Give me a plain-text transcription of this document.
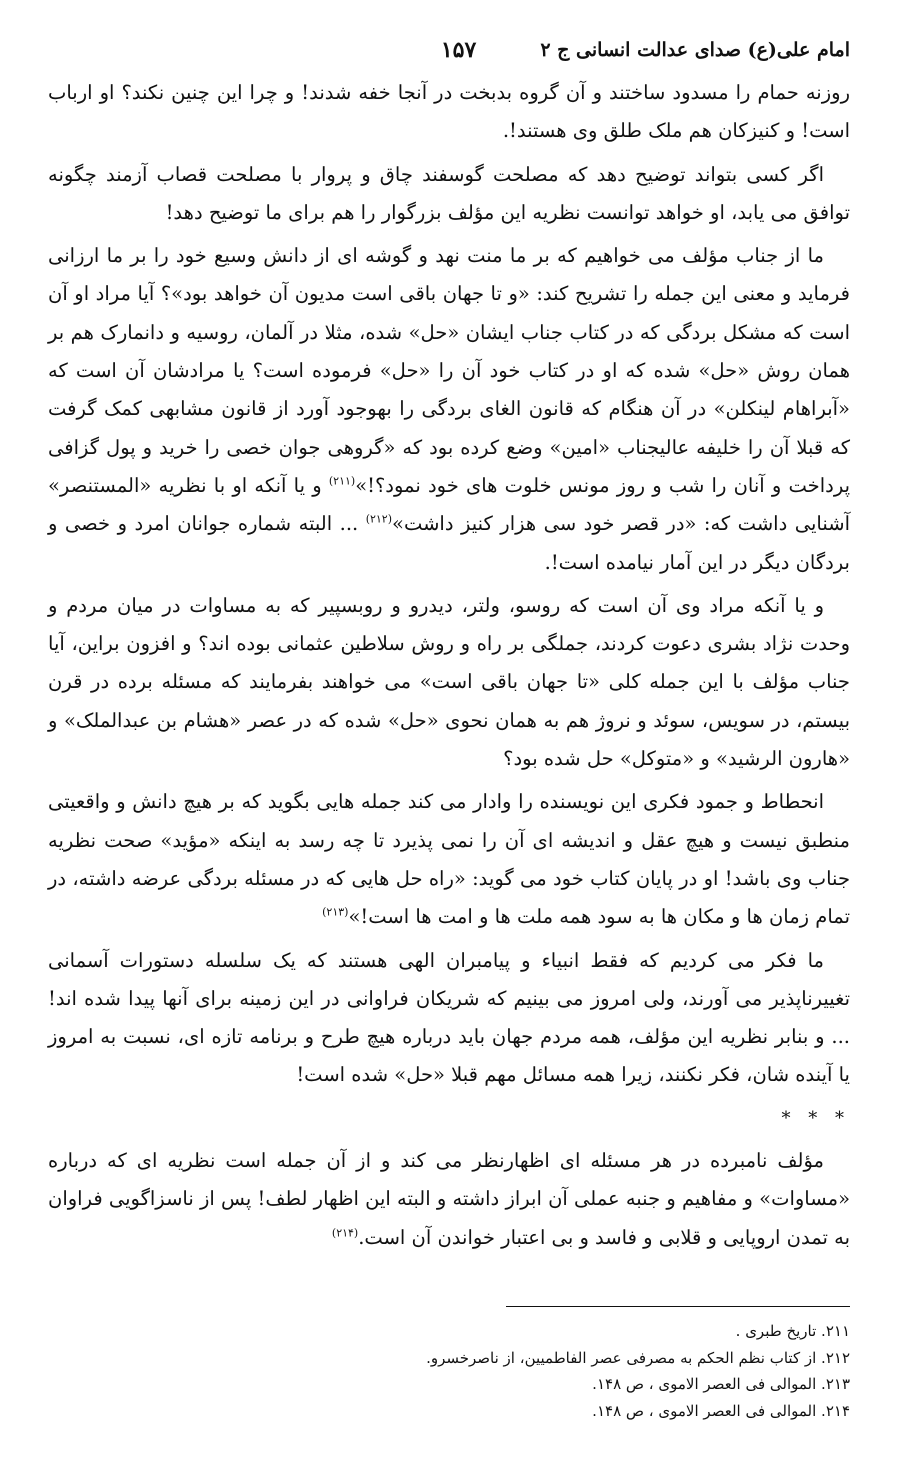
امام علی(ع) صدای عدالت انسانی ج ۲
۱۵۷

روزنه حمام را مسدود ساختند و آن گروه بدبخت در آنجا خفه شدند! و چرا این چنین نکند؟ او ارباب است! و کنیزکان هم ملک طلق وی هستند!.

اگر کسی بتواند توضیح دهد که مصلحت گوسفند چاق و پروار با مصلحت قصاب آزمند چگونه توافق می یابد، او خواهد توانست نظریه این مؤلف بزرگوار را هم برای ما توضیح دهد!

ما از جناب مؤلف می خواهیم که بر ما منت نهد و گوشه ای از دانش وسیع خود را بر ما ارزانی فرماید و معنی این جمله را تشریح کند: «و تا جهان باقی است مدیون آن خواهد بود»؟ آیا مراد او آن است که مشکل بردگی که در کتاب جناب ایشان «حل» شده، مثلا در آلمان، روسیه و دانمارک هم بر همان روش «حل» شده که او در کتاب خود آن را «حل» فرموده است؟ یا مرادشان آن است که «آبراهام لینکلن» در آن هنگام که قانون الغای بردگی را بهوجود آورد از قانون مشابهی کمک گرفت که قبلا آن را خلیفه عالیجناب «امین» وضع کرده بود که «گروهی جوان خصی را خرید و پول گزافی پرداخت و آنان را شب و روز مونس خلوت های خود نمود؟!»$^{(۲۱۱)}$ و یا آنکه او با نظریه «المستنصر» آشنایی داشت که: «در قصر خود سی هزار کنیز داشت»$^{(۲۱۲)}$ ... البته شماره جوانان امرد و خصی و بردگان دیگر در این آمار نیامده است!.

و یا آنکه مراد وی آن است که روسو، ولتر، دیدرو و روبسپیر که به مساوات در میان مردم و وحدت نژاد بشری دعوت کردند، جملگی بر راه و روش سلاطین عثمانی بوده اند؟ و افزون براین، آیا جناب مؤلف با این جمله کلی «تا جهان باقی است» می خواهند بفرمایند که مسئله برده در قرن بیستم، در سویس، سوئد و نروژ هم به همان نحوی «حل» شده که در عصر «هشام بن عبدالملک» و «هارون الرشید» و «متوکل» حل شده بود؟

انحطاط و جمود فکری این نویسنده را وادار می کند جمله هایی بگوید که بر هیچ دانش و واقعیتی منطبق نیست و هیچ عقل و اندیشه ای آن را نمی پذیرد تا چه رسد به اینکه «مؤید» صحت نظریه جناب وی باشد! او در پایان کتاب خود می گوید: «راه حل هایی که در مسئله بردگی عرضه داشته، در تمام زمان ها و مکان ها به سود همه ملت ها و امت ها است!»$^{(۲۱۳)}$

ما فکر می کردیم که فقط انبیاء و پیامبران الهی هستند که یک سلسله دستورات آسمانی تغییرناپذیر می آورند، ولی امروز می بینیم که شریکان فراوانی در این زمینه برای آنها پیدا شده اند! ... و بنابر نظریه این مؤلف، همه مردم جهان باید درباره هیچ طرح و برنامه تازه ای، نسبت به امروز یا آینده شان، فکر نکنند، زیرا همه مسائل مهم قبلا «حل» شده است!

* * *

مؤلف نامبرده در هر مسئله ای اظهارنظر می کند و از آن جمله است نظریه ای که درباره «مساوات» و مفاهیم و جنبه عملی آن ابراز داشته و البته این اظهار لطف! پس از ناسزاگویی فراوان به تمدن اروپایی و قلابی و فاسد و بی اعتبار خواندن آن است.$^{(۲۱۴)}$

۲۱۱. تاریخ طبری .
۲۱۲. از کتاب نظم الحکم به مصرفی عصر الفاطمیین، از ناصرخسرو.
۲۱۳. الموالی فی العصر الاموی ، ص ۱۴۸.
۲۱۴. الموالی فی العصر الاموی ، ص ۱۴۸.
